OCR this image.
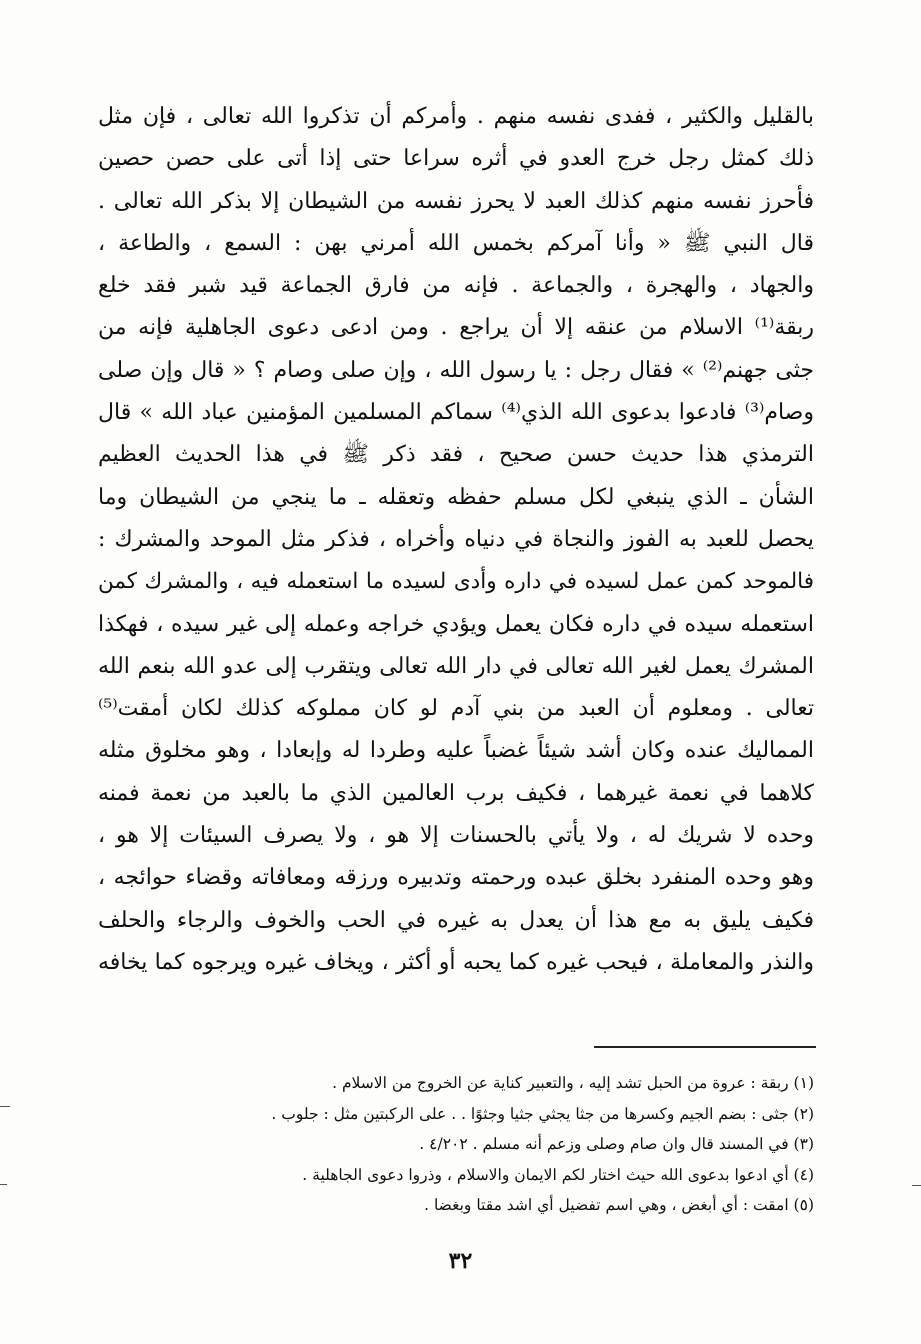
بالقليل والكثير ، ففدى نفسه منهم . وأمركم أن تذكروا الله تعالى ، فإن مثل
ذلك كمثل رجل خرج العدو في أثره سراعا حتى إذا أتى على حصن حصين
فأحرز نفسه منهم كذلك العبد لا يحرز نفسه من الشيطان إلا بذكر الله تعالى .
قال النبي ﷺ « وأنا آمركم بخمس الله أمرني بهن : السمع ، والطاعة ،
والجهاد ، والهجرة ، والجماعة . فإنه من فارق الجماعة قيد شبر فقد خلع
ربقة⁽¹⁾ الاسلام من عنقه إلا أن يراجع . ومن ادعى دعوى الجاهلية فإنه من
جثى جهنم⁽²⁾ » فقال رجل : يا رسول الله ، وإن صلى وصام ؟ « قال وإن صلى
وصام⁽³⁾ فادعوا بدعوى الله الذي⁽⁴⁾ سماكم المسلمين المؤمنين عباد الله » قال
الترمذي هذا حديث حسن صحيح ، فقد ذكر ﷺ في هذا الحديث العظيم
الشأن ـ الذي ينبغي لكل مسلم حفظه وتعقله ـ ما ينجي من الشيطان وما
يحصل للعبد به الفوز والنجاة في دنياه وأخراه ، فذكر مثل الموحد والمشرك :
فالموحد كمن عمل لسيده في داره وأدى لسيده ما استعمله فيه ، والمشرك كمن
استعمله سيده في داره فكان يعمل ويؤدي خراجه وعمله إلى غير سيده ، فهكذا
المشرك يعمل لغير الله تعالى في دار الله تعالى ويتقرب إلى عدو الله بنعم الله
تعالى . ومعلوم أن العبد من بني آدم لو كان مملوكه كذلك لكان أمقت⁽⁵⁾
المماليك عنده وكان أشد شيئاً غضباً عليه وطردا له وإبعادا ، وهو مخلوق مثله
كلاهما في نعمة غيرهما ، فكيف برب العالمين الذي ما بالعبد من نعمة فمنه
وحده لا شريك له ، ولا يأتي بالحسنات إلا هو ، ولا يصرف السيئات إلا هو ،
وهو وحده المنفرد بخلق عبده ورحمته وتدبيره ورزقه ومعافاته وقضاء حوائجه ،
فكيف يليق به مع هذا أن يعدل به غيره في الحب والخوف والرجاء والحلف
والنذر والمعاملة ، فيحب غيره كما يحبه أو أكثر ، ويخاف غيره ويرجوه كما يخافه
(١) ربقة : عروة من الحبل تشد إليه ، والتعبير كناية عن الخروج من الاسلام .
(٢) جثى : بضم الجيم وكسرها من جثا يجثي جثيا وجثوًا . . على الركبتين مثل : جلوب .
(٣) في المسند قال وان صام وصلى وزعم أنه مسلم . ٤/٢٠٢ .
(٤) أي ادعوا بدعوى الله حيث اختار لكم الايمان والاسلام ، وذروا دعوى الجاهلية .
(٥) امقت : أي أبغض ، وهي اسم تفضيل أي اشد مقتا وبغضا .
٣٢
